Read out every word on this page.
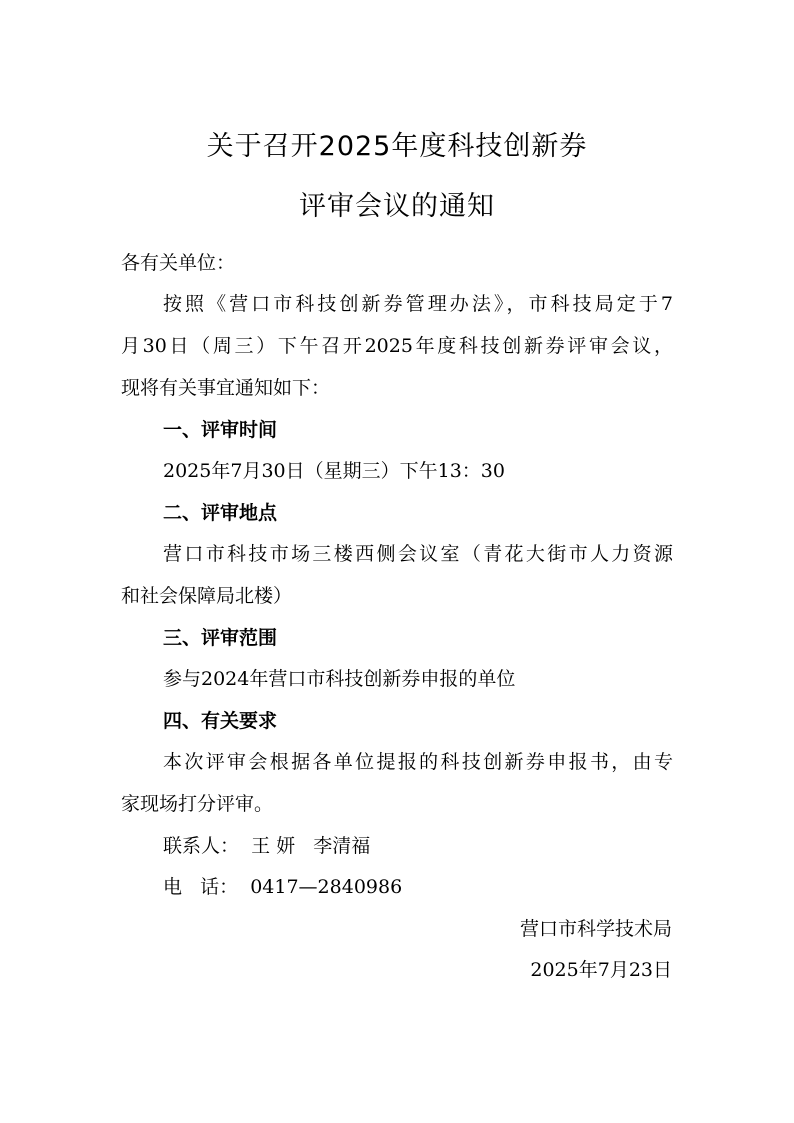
关于召开2025年度科技创新券
评审会议的通知
各有关单位：
按照《营口市科技创新券管理办法》，市科技局定于7
月30日（周三）下午召开2025年度科技创新券评审会议，
现将有关事宜通知如下：
一、评审时间
2025年7月30日（星期三）下午13：30
二、评审地点
营口市科技市场三楼西侧会议室（青花大街市人力资源
和社会保障局北楼）
三、评审范围
参与2024年营口市科技创新券申报的单位
四、有关要求
本次评审会根据各单位提报的科技创新券申报书，由专
家现场打分评审。
联系人：  王 妍   李清福
电   话：  0417—2840986
营口市科学技术局
2025年7月23日
